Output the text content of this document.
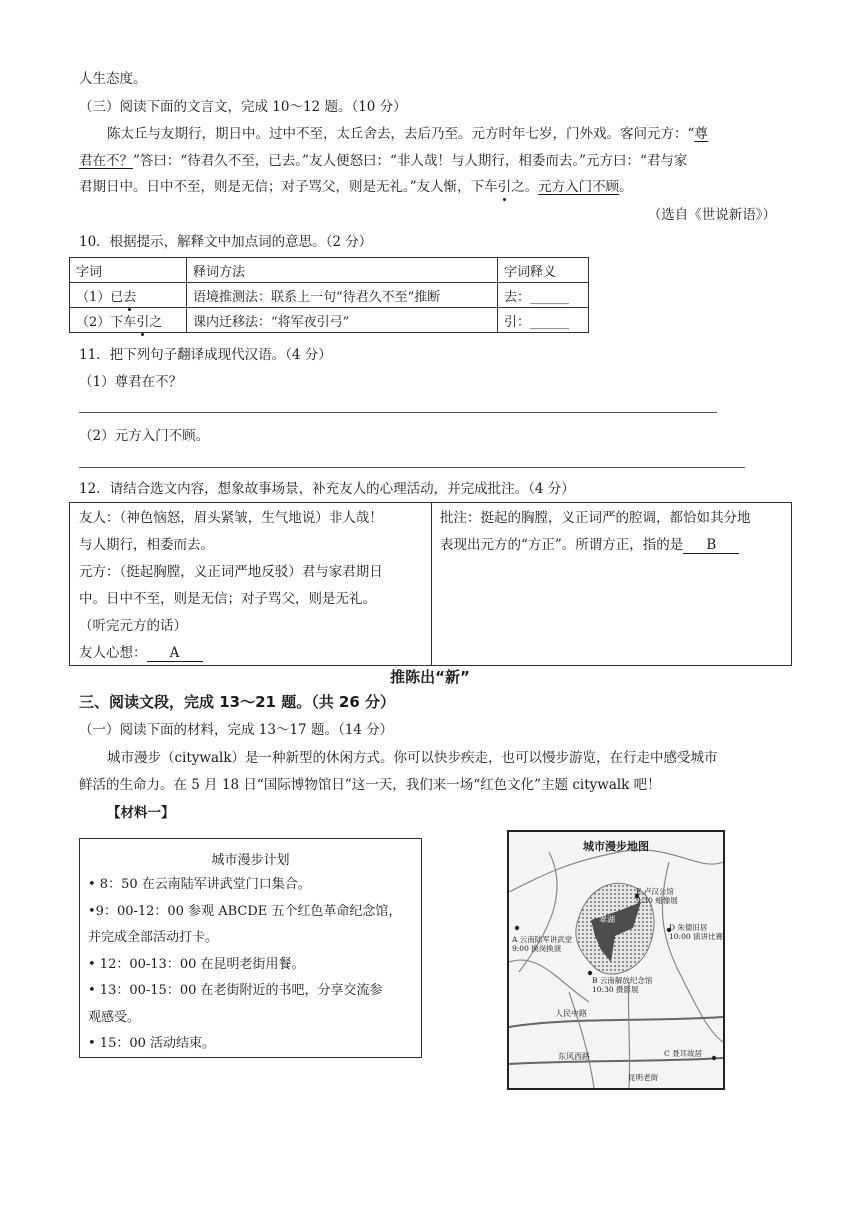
人生态度。
（三）阅读下面的文言文，完成 10～12 题。（10 分）
陈太丘与友期行，期日中。过中不至，太丘舍去，去后乃至。元方时年七岁，门外戏。客问元方：“尊
君在不？”答曰：“待君久不至，已去。”友人便怒曰：“非人哉！与人期行，相委而去。”元方曰：“君与家
君期日中。日中不至，则是无信；对子骂父，则是无礼。”友人惭，下车引之。元方入门不顾。
（选自《世说新语》）
10．根据提示，解释文中加点词的意思。（2 分）
字词	释词方法	字词释义
（1）已去	语境推测法：联系上一句“待君久不至”推断	去：______
（2）下车引之	课内迁移法：“将军夜引弓”	引：______
11．把下列句子翻译成现代汉语。（4 分）
（1）尊君在不？
（2）元方入门不顾。
12．请结合选文内容，想象故事场景，补充友人的心理活动，并完成批注。（4 分）

友人：（神色恼怒，眉头紧皱，生气地说）非人哉！

与人期行，相委而去。

元方：（挺起胸膛，义正词严地反驳）君与家君期日

中。日中不至，则是无信；对子骂父，则是无礼。

（听完元方的话）

友人心想： A

批注：挺起的胸膛，义正词严的腔调，都恰如其分地

表现出元方的“方正”。所谓方正，指的是 B

推陈出“新”
三、阅读文段，完成 13～21 题。（共 26 分）
（一）阅读下面的材料，完成 13～17 题。（14 分）
城市漫步（citywalk）是一种新型的休闲方式。你可以快步疾走，也可以慢步游览，在行走中感受城市
鲜活的生命力。在 5 月 18 日“国际博物馆日”这一天，我们来一场“红色文化”主题 citywalk 吧！
【材料一】
城市漫步计划
• 8：50 在云南陆军讲武堂门口集合。
•9：00-12：00 参观 ABCDE 五个红色革命纪念馆，
并完成全部活动打卡。
• 12：00-13：00 在昆明老街用餐。
• 13：00-15：00 在老街附近的书吧，分享交流参
观感受。
• 15：00 活动结束。
城市漫步地图
翠湖
E 卢汉公馆
9:30 蜡像展
D 朱德旧居
10:00 演讲比赛
A 云南陆军讲武堂
9:00 换岗换演
B 云南解放纪念馆
10:30 摄影展
人民中路
东风西路	C 聂耳故居
昆明老街
